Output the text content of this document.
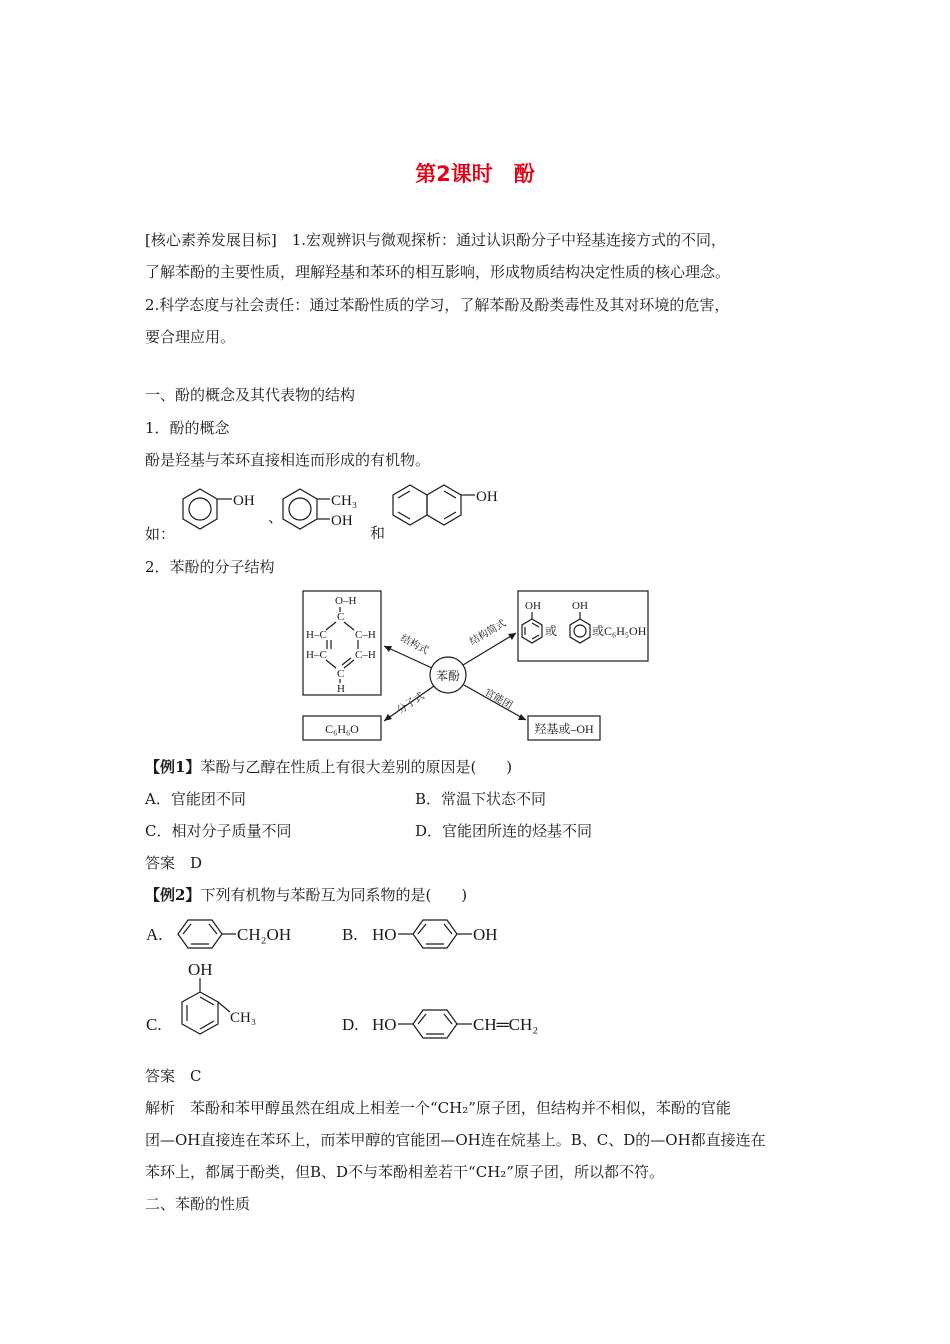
第2课时　酚
[核心素养发展目标]　1.宏观辨识与微观探析：通过认识酚分子中羟基连接方式的不同，
了解苯酚的主要性质，理解羟基和苯环的相互影响，形成物质结构决定性质的核心理念。
2.科学态度与社会责任：通过苯酚性质的学习，了解苯酚及酚类毒性及其对环境的危害，
要合理应用。
一、酚的概念及其代表物的结构
1．酚的概念
酚是羟基与苯环直接相连而形成的有机物。
如：
OH
、
CH₃
OH
和
OH
2．苯酚的分子结构
O–H
C
H–C	C–H
H–C	C–H
C
H
OH
或
OH
或C₆H₅OH
苯酚
结构式	结构简式
分子式	官能团
C₆H₆O	羟基或–OH
【例1】苯酚与乙醇在性质上有很大差别的原因是(　　)
A．官能团不同	B．常温下状态不同
C．相对分子质量不同	D．官能团所连的烃基不同
答案　D
【例2】下列有机物与苯酚互为同系物的是(　　)
A.	CH₂OH	B. HO	OH
C.
OH
CH₃	D. HO	CH═CH₂
答案　C
解析　苯酚和苯甲醇虽然在组成上相差一个“CH₂”原子团，但结构并不相似，苯酚的官能
团—OH直接连在苯环上，而苯甲醇的官能团—OH连在烷基上。B、C、D的—OH都直接连在
苯环上，都属于酚类，但B、D不与苯酚相差若干“CH₂”原子团，所以都不符。
二、苯酚的性质
